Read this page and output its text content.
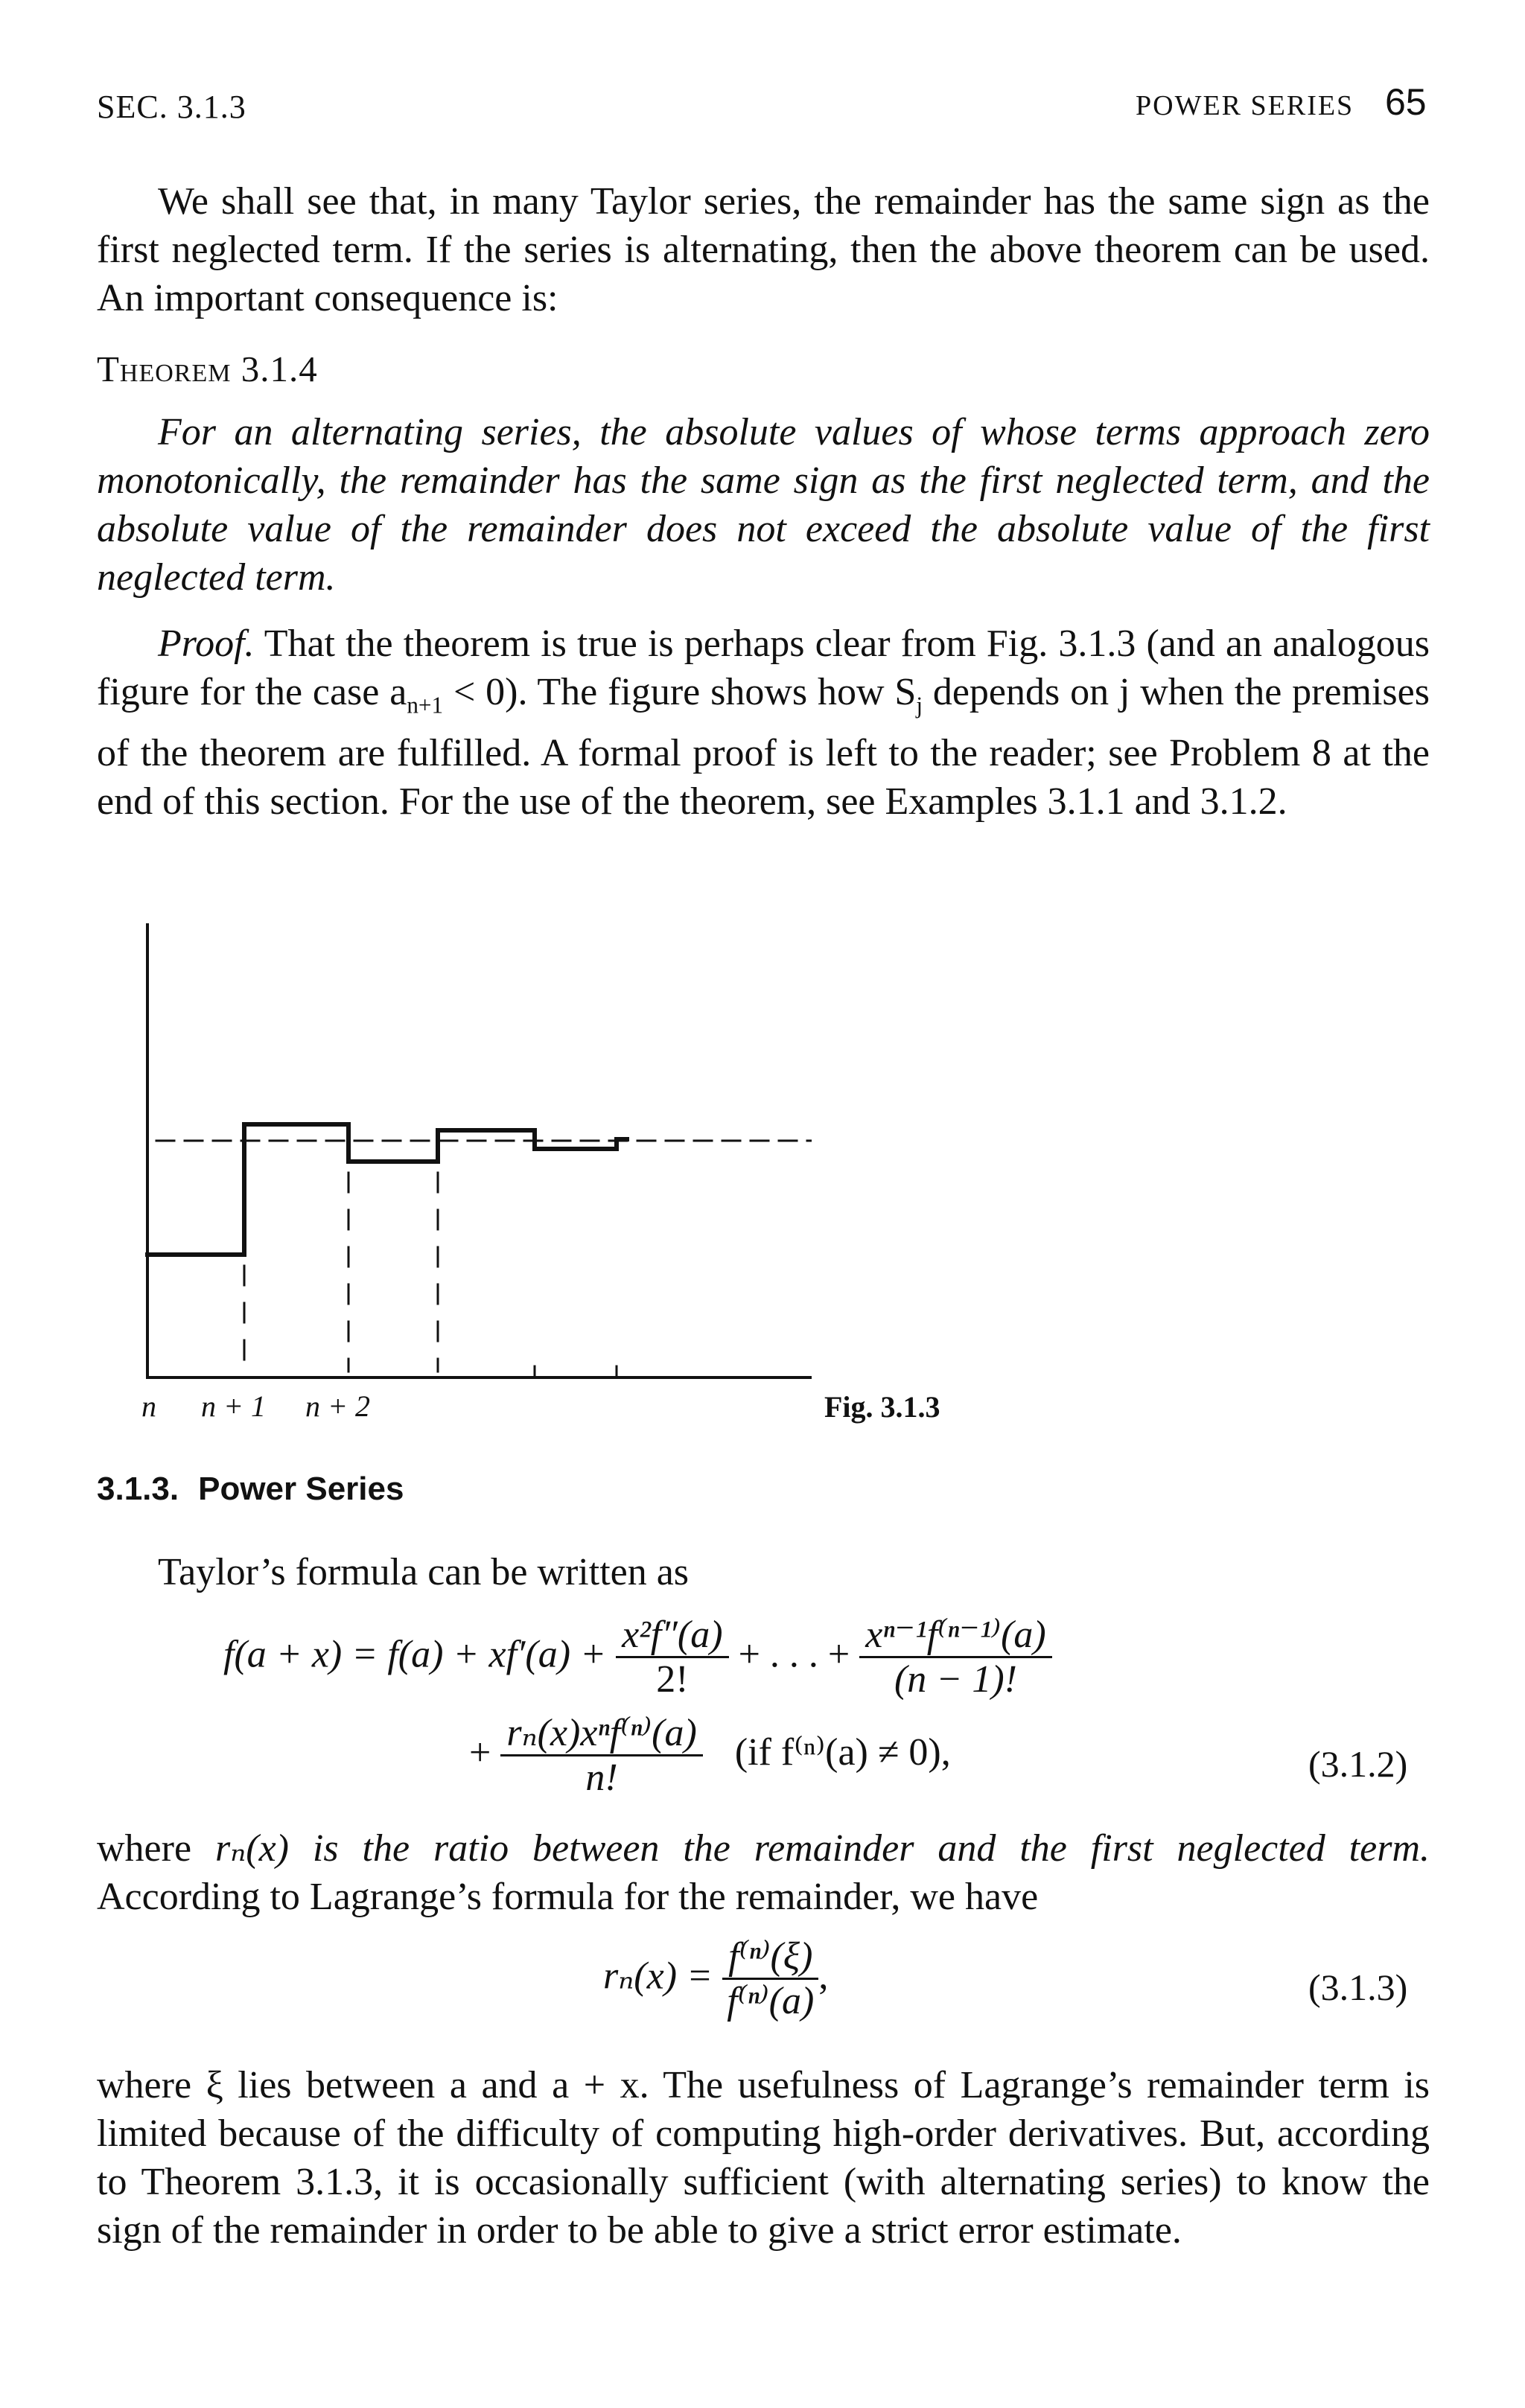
SEC. 3.1.3	POWER SERIES 65

We shall see that, in many Taylor series, the remainder has the same sign as the first neglected term. If the series is alternating, then the above theorem can be used. An important consequence is:

Theorem 3.1.4

For an alternating series, the absolute values of whose terms approach zero monotonically, the remainder has the same sign as the first neglected term, and the absolute value of the remainder does not exceed the absolute value of the first neglected term.

Proof. That the theorem is true is perhaps clear from Fig. 3.1.3 (and an analogous figure for the case $a_{n+1} < 0$). The figure shows how $S_j$ depends on j when the premises of the theorem are fulfilled. A formal proof is left to the reader; see Problem 8 at the end of this section. For the use of the theorem, see Examples 3.1.1 and 3.1.2.

n n + 1 n + 2	Fig. 3.1.3
3.1.3. Power Series
Taylor’s formula can be written as
$f(a + x) = f(a) + xf'(a) + \frac{\text{x²f″(a)}}{2!}$ + . . . + $\frac{\text{xⁿ⁻¹f⁽ⁿ⁻¹⁾(a)}}{(n - 1)!}$
+ $\frac{\text{rₙ(x)xⁿf⁽ⁿ⁾(a)}}{n!} (if$ f⁽ⁿ⁾(a) ≠ 0),	(3.1.2)

where rₙ(x) is the ratio between the remainder and the first neglected term. According to Lagrange’s formula for the remainder, we have

$r_n(x) = \frac{\text{f⁽ⁿ⁾(ξ)}}{\text{f⁽ⁿ⁾(a)}}$ ,	(3.1.3)

where ξ lies between a and a + x. The usefulness of Lagrange’s remainder term is limited because of the difficulty of computing high-order derivatives. But, according to Theorem 3.1.3, it is occasionally sufficient (with alternating series) to know the sign of the remainder in order to be able to give a strict error estimate.
